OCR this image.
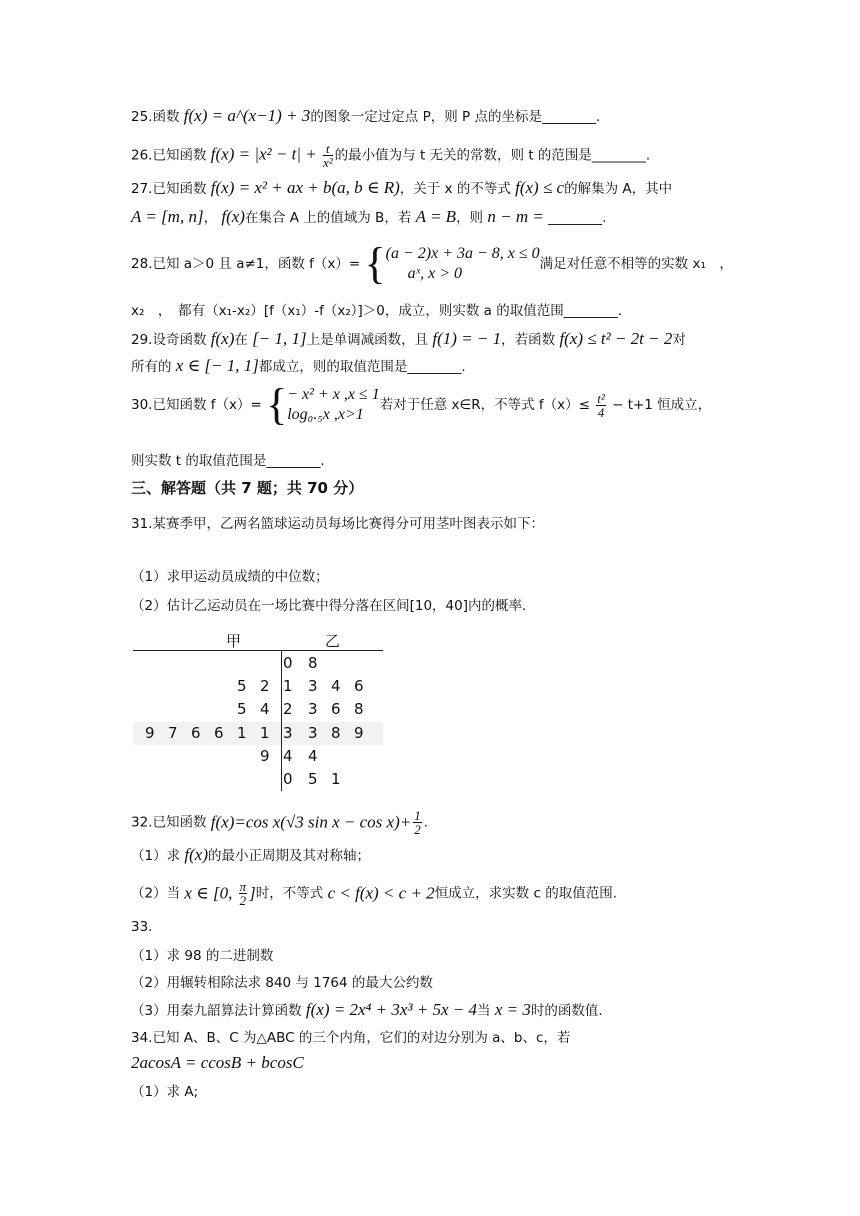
25.函数 f(x) = a^(x−1) + 3的图象一定过定点 P，则 P 点的坐标是________.
26.已知函数 $f(x) = |x^2 - t| + \frac{t}{\text{x²}}$ 的最小值为与 t 无关的常数，则 t 的范围是________.
27.已知函数 f(x) = x² + ax + b(a, b ∈ R)，关于 x 的不等式 f(x) ≤ c的解集为 A，其中
A = [m, n]， f(x)在集合 A 上的值域为 B，若 A = B，则 n − m = ________.
28.已知 a＞0 且 a≠1，函数 f（x）= { (a − 2)x + 3a − 8, x ≤ 0
aˣ, x > 0
满足对任意不相等的实数 x₁　，
x₂　，　都有（x₁-x₂）[f（x₁）-f（x₂）]＞0，成立，则实数 a 的取值范围________.
29.设奇函数 f(x)在 [− 1, 1]上是单调减函数，且 f(1) = − 1，若函数 f(x) ≤ t² − 2t − 2对
所有的 x ∈ [− 1, 1]都成立，则的取值范围是________.
30.已知函数 f（x）= { − x² + x ,x ≤ 1
log₀.₅x ,x>1
若对于任意 x∈R，不等式 $f(x)\le \frac{\text{t²}}{4} - t+1$ 恒成立，
则实数 t 的取值范围是________.
三、解答题（共 7 题；共 70 分）
31.某赛季甲，乙两名篮球运动员每场比赛得分可用茎叶图表示如下：
（1）求甲运动员成绩的中位数；
（2）估计乙运动员在一场比赛中得分落在区间[10，40]内的概率.
甲	乙
0 8
5 2 1 3 4 6
5 4 2 3 6 8
9 7 6 6 1 1 3 3 8 9
9 4 4
0 5 1
32.已知函数 f(x)=cos x(√3 $\sin x - \cos x)+ \frac{1}{2}$ .
（1）求 f(x)的最小正周期及其对称轴；
（2）当 x ∈ [0, $\frac{\pi}{2}$ ]时，不等式 c < f(x) < c + 2恒成立，求实数 c 的取值范围.
33.
（1）求 98 的二进制数
（2）用辗转相除法求 840 与 1764 的最大公约数
（3）用秦九韶算法计算函数 f(x) = 2x⁴ + 3x³ + 5x − 4当 x = 3时的函数值.
34.已知 A、B、C 为△ABC 的三个内角，它们的对边分别为 a、b、c，若
2acosA = ccosB + bcosC
（1）求 A;
